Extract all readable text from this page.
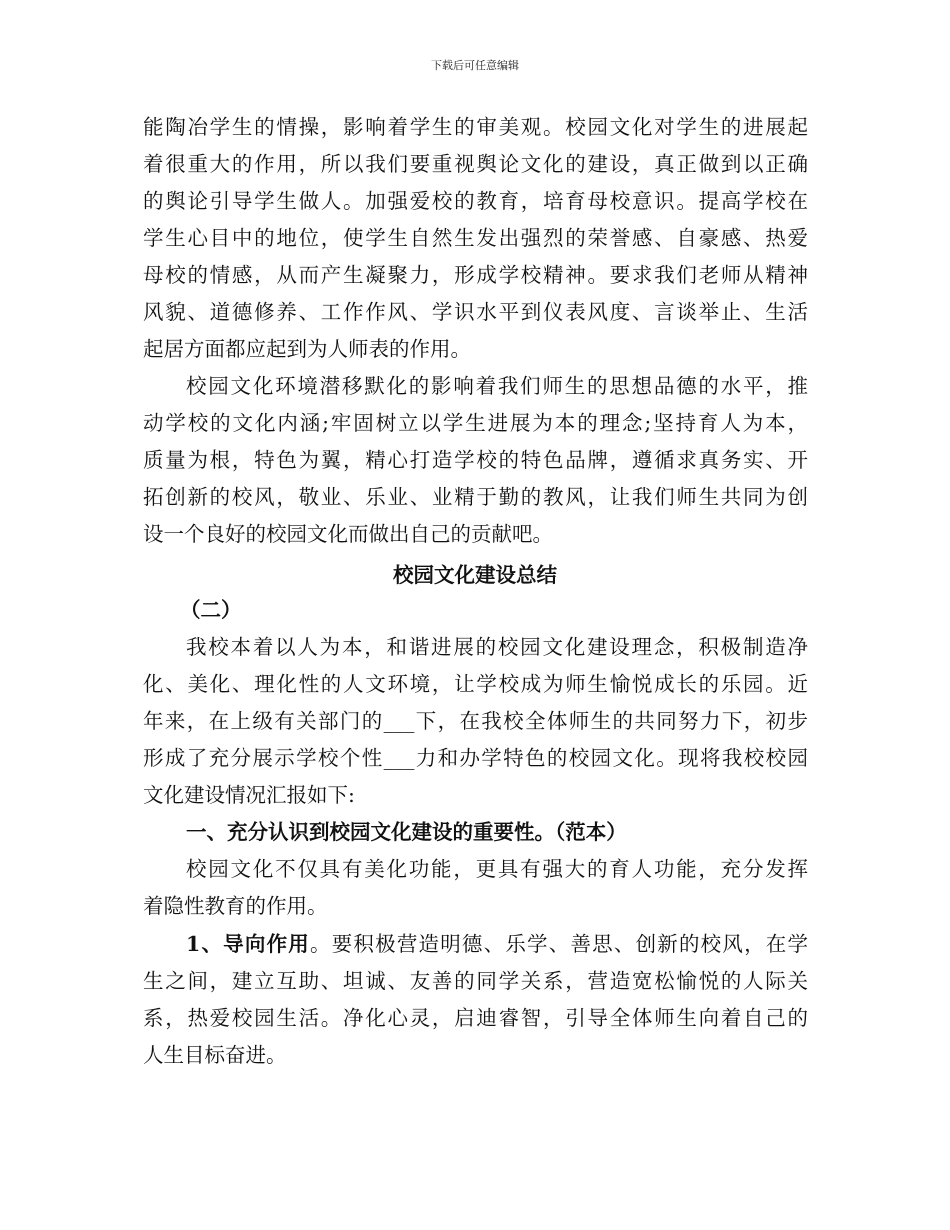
下载后可任意编辑
能陶冶学生的情操，影响着学生的审美观。校园文化对学生的进展起
着很重大的作用，所以我们要重视舆论文化的建设，真正做到以正确
的舆论引导学生做人。加强爱校的教育，培育母校意识。提高学校在
学生心目中的地位，使学生自然生发出强烈的荣誉感、自豪感、热爱
母校的情感，从而产生凝聚力，形成学校精神。要求我们老师从精神
风貌、道德修养、工作作风、学识水平到仪表风度、言谈举止、生活
起居方面都应起到为人师表的作用。
校园文化环境潜移默化的影响着我们师生的思想品德的水平，推
动学校的文化内涵;牢固树立以学生进展为本的理念;坚持育人为本，
质量为根，特色为翼，精心打造学校的特色品牌，遵循求真务实、开
拓创新的校风，敬业、乐业、业精于勤的教风，让我们师生共同为创
设一个良好的校园文化而做出自己的贡献吧。
校园文化建设总结
（二）
我校本着以人为本，和谐进展的校园文化建设理念，积极制造净
化、美化、理化性的人文环境，让学校成为师生愉悦成长的乐园。近
年来，在上级有关部门的___下，在我校全体师生的共同努力下，初步
形成了充分展示学校个性___力和办学特色的校园文化。现将我校校园
文化建设情况汇报如下:
一、充分认识到校园文化建设的重要性。（范本）
校园文化不仅具有美化功能，更具有强大的育人功能，充分发挥
着隐性教育的作用。
1、导向作用。要积极营造明德、乐学、善思、创新的校风，在学
生之间，建立互助、坦诚、友善的同学关系，营造宽松愉悦的人际关
系，热爱校园生活。净化心灵，启迪睿智，引导全体师生向着自己的
人生目标奋进。
